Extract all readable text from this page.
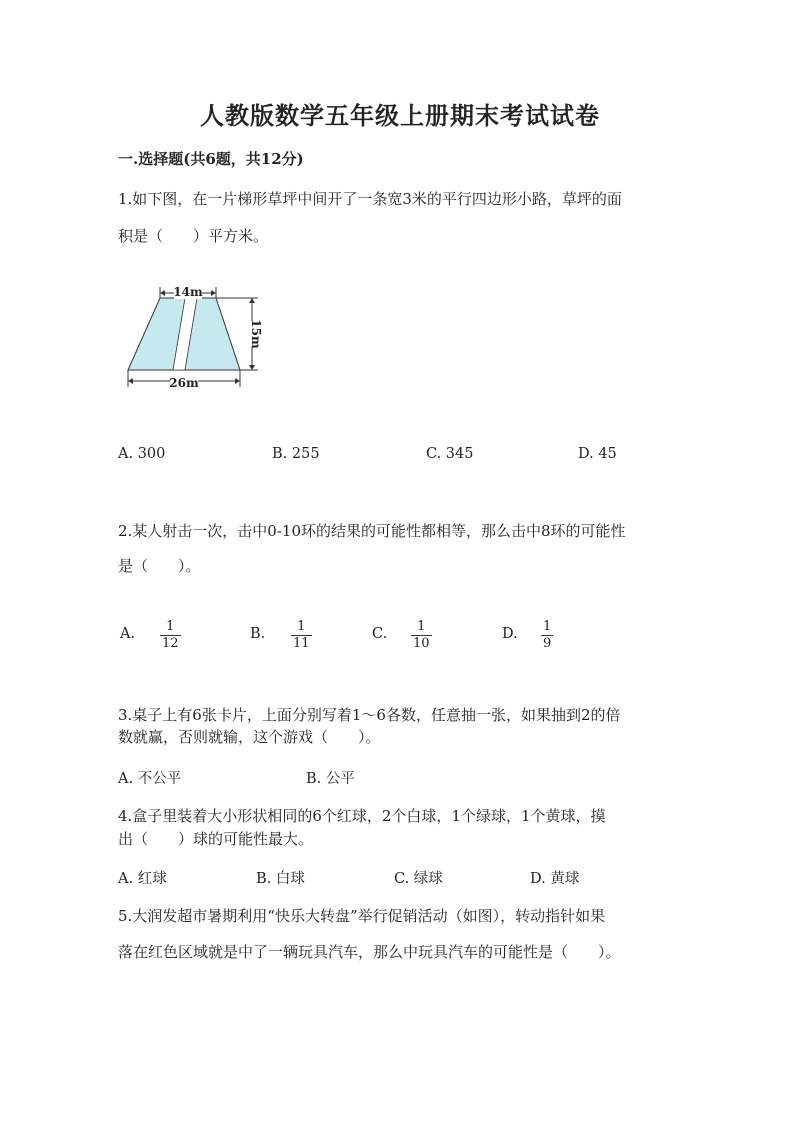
人教版数学五年级上册期末考试试卷
一.选择题(共6题，共12分)
1.如下图，在一片梯形草坪中间开了一条宽3米的平行四边形小路，草坪的面
积是（　　）平方米。
14m
15m
26m
A. 300	B. 255	C. 345	D. 45
2.某人射击一次，击中0-10环的结果的可能性都相等，那么击中8环的可能性
是（　　）。
A. 1
12
B. 1
11
C. 1
10
D. 1
9
3.桌子上有6张卡片，上面分别写着1～6各数，任意抽一张，如果抽到2的倍
数就赢，否则就输，这个游戏（　　）。
A. 不公平	B. 公平
4.盒子里装着大小形状相同的6个红球，2个白球，1个绿球，1个黄球，摸
出（　　）球的可能性最大。
A. 红球	B. 白球	C. 绿球	D. 黄球
5.大润发超市暑期利用“快乐大转盘”举行促销活动（如图），转动指针如果
落在红色区域就是中了一辆玩具汽车，那么中玩具汽车的可能性是（　　）。
